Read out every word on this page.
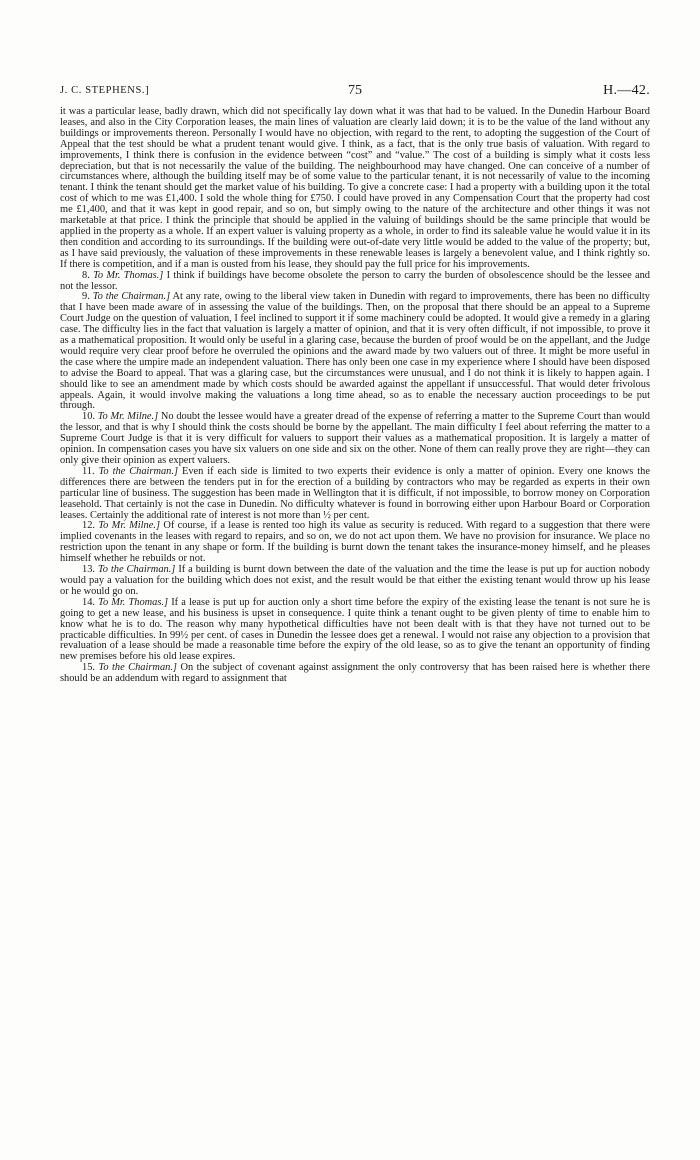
J. C. STEPHENS.]	75	H.—42.

it was a particular lease, badly drawn, which did not specifically lay down what it was that had to be valued. In the Dunedin Harbour Board leases, and also in the City Corporation leases, the main lines of valuation are clearly laid down; it is to be the value of the land without any buildings or improvements thereon. Personally I would have no objection, with regard to the rent, to adopting the suggestion of the Court of Appeal that the test should be what a prudent tenant would give. I think, as a fact, that is the only true basis of valuation. With regard to improvements, I think there is confusion in the evidence between “cost” and “value.” The cost of a building is simply what it costs less depreciation, but that is not necessarily the value of the building. The neighbourhood may have changed. One can conceive of a number of circumstances where, although the building itself may be of some value to the particular tenant, it is not necessarily of value to the incoming tenant. I think the tenant should get the market value of his building. To give a concrete case: I had a property with a building upon it the total cost of which to me was £1,400. I sold the whole thing for £750. I could have proved in any Compensation Court that the property had cost me £1,400, and that it was kept in good repair, and so on, but simply owing to the nature of the architecture and other things it was not marketable at that price. I think the principle that should be applied in the valuing of buildings should be the same principle that would be applied in the property as a whole. If an expert valuer is valuing property as a whole, in order to find its saleable value he would value it in its then condition and according to its surroundings. If the building were out-of-date very little would be added to the value of the property; but, as I have said previously, the valuation of these improvements in these renewable leases is largely a benevolent value, and I think rightly so. If there is competition, and if a man is ousted from his lease, they should pay the full price for his improvements.

8. To Mr. Thomas.] I think if buildings have become obsolete the person to carry the burden of obsolescence should be the lessee and not the lessor.

9. To the Chairman.] At any rate, owing to the liberal view taken in Dunedin with regard to improvements, there has been no difficulty that I have been made aware of in assessing the value of the buildings. Then, on the proposal that there should be an appeal to a Supreme Court Judge on the question of valuation, I feel inclined to support it if some machinery could be adopted. It would give a remedy in a glaring case. The difficulty lies in the fact that valuation is largely a matter of opinion, and that it is very often difficult, if not impossible, to prove it as a mathematical proposition. It would only be useful in a glaring case, because the burden of proof would be on the appellant, and the Judge would require very clear proof before he overruled the opinions and the award made by two valuers out of three. It might be more useful in the case where the umpire made an independent valuation. There has only been one case in my experience where I should have been disposed to advise the Board to appeal. That was a glaring case, but the circumstances were unusual, and I do not think it is likely to happen again. I should like to see an amendment made by which costs should be awarded against the appellant if unsuccessful. That would deter frivolous appeals. Again, it would involve making the valuations a long time ahead, so as to enable the necessary auction proceedings to be put through.

10. To Mr. Milne.] No doubt the lessee would have a greater dread of the expense of referring a matter to the Supreme Court than would the lessor, and that is why I should think the costs should be borne by the appellant. The main difficulty I feel about referring the matter to a Supreme Court Judge is that it is very difficult for valuers to support their values as a mathematical proposition. It is largely a matter of opinion. In compensation cases you have six valuers on one side and six on the other. None of them can really prove they are right—they can only give their opinion as expert valuers.

11. To the Chairman.] Even if each side is limited to two experts their evidence is only a matter of opinion. Every one knows the differences there are between the tenders put in for the erection of a building by contractors who may be regarded as experts in their own particular line of business. The suggestion has been made in Wellington that it is difficult, if not impossible, to borrow money on Corporation leasehold. That certainly is not the case in Dunedin. No difficulty whatever is found in borrowing either upon Harbour Board or Corporation leases. Certainly the additional rate of interest is not more than ½ per cent.

12. To Mr. Milne.] Of course, if a lease is rented too high its value as security is reduced. With regard to a suggestion that there were implied covenants in the leases with regard to repairs, and so on, we do not act upon them. We have no provision for insurance. We place no restriction upon the tenant in any shape or form. If the building is burnt down the tenant takes the insurance-money himself, and he pleases himself whether he rebuilds or not.

13. To the Chairman.] If a building is burnt down between the date of the valuation and the time the lease is put up for auction nobody would pay a valuation for the building which does not exist, and the result would be that either the existing tenant would throw up his lease or he would go on.

14. To Mr. Thomas.] If a lease is put up for auction only a short time before the expiry of the existing lease the tenant is not sure he is going to get a new lease, and his business is upset in consequence. I quite think a tenant ought to be given plenty of time to enable him to know what he is to do. The reason why many hypothetical difficulties have not been dealt with is that they have not turned out to be practicable difficulties. In 99½ per cent. of cases in Dunedin the lessee does get a renewal. I would not raise any objection to a provision that revaluation of a lease should be made a reasonable time before the expiry of the old lease, so as to give the tenant an opportunity of finding new premises before his old lease expires.

15. To the Chairman.] On the subject of covenant against assignment the only controversy that has been raised here is whether there should be an addendum with regard to assignment that
